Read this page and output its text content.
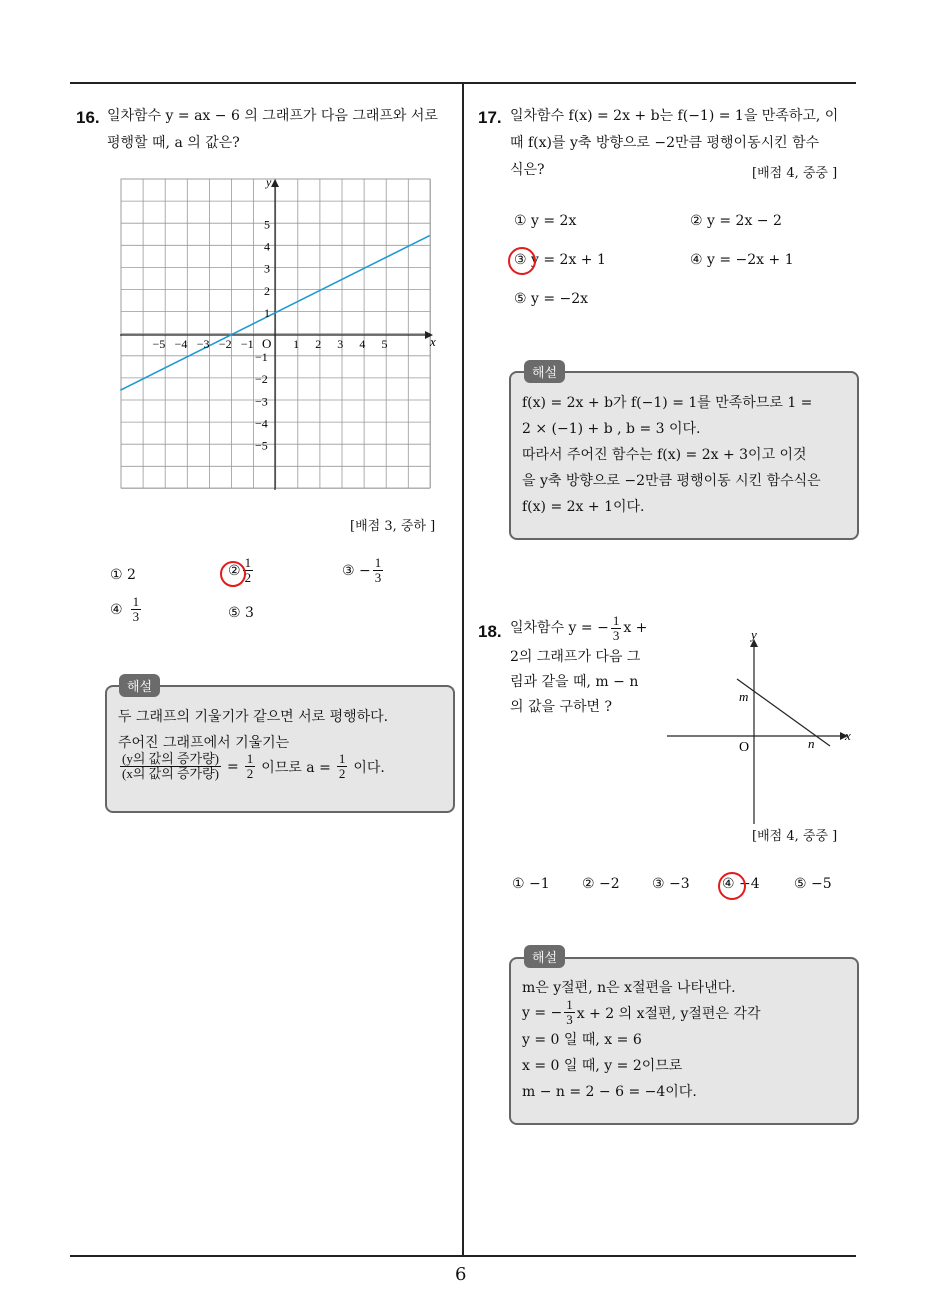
6
16. 일차함수 y = ax − 6 의 그래프가 다음 그래프와 서로
평행할 때, a 의 값은?
−5 −4 −3 −2 −1	1 2 3 4 5
5
4
3
2
1
−1
−2
−3
−4
−5
O	x
y
[배점 3, 중하 ]
① 2	② $\frac{1}{2}$	③ − $\frac{1}{3}$
④ $\frac{1}{3}$	⑤ 3
해설
두 그래프의 기울기가 같으면 서로 평행하다.
주어진 그래프에서 기울기는
$\frac{\text{(y의 값의 증가량)}}{\text{(x의 값의 증가량)}} = \frac{1}{2}$ 이므로 $a = \frac{1}{2}$ 이다.
17. 일차함수 f(x) = 2x + b는 f(−1) = 1을 만족하고, 이
때 f(x)를 y축 방향으로 −2만큼 평행이동시킨 함수
식은?	[배점 4, 중중 ]
① y = 2x	② y = 2x − 2
③ y = 2x + 1	④ y = −2x + 1
⑤ y = −2x
해설
f(x) = 2x + b가 f(−1) = 1를 만족하므로 1 =
2 × (−1) + b , b = 3 이다.
따라서 주어진 함수는 f(x) = 2x + 3이고 이것
을 y축 방향으로 −2만큼 평행이동 시킨 함수식은
f(x) = 2x + 1이다.
18. 일차함수 y = − $\frac{1}{3}$ x +
2의 그래프가 다음 그
림과 같을 때, m − n
의 값을 구하면 ?
y
x
O
m
n
[배점 4, 중중 ]
① −1 ② −2 ③ −3 ④ −4 ⑤ −5
해설
m은 y절편, n은 x절편을 나타낸다.
y = − $\frac{1}{3}$ x + 2 의 x절편, y절편은 각각
y = 0 일 때, x = 6
x = 0 일 때, y = 2이므로
m − n = 2 − 6 = −4이다.
